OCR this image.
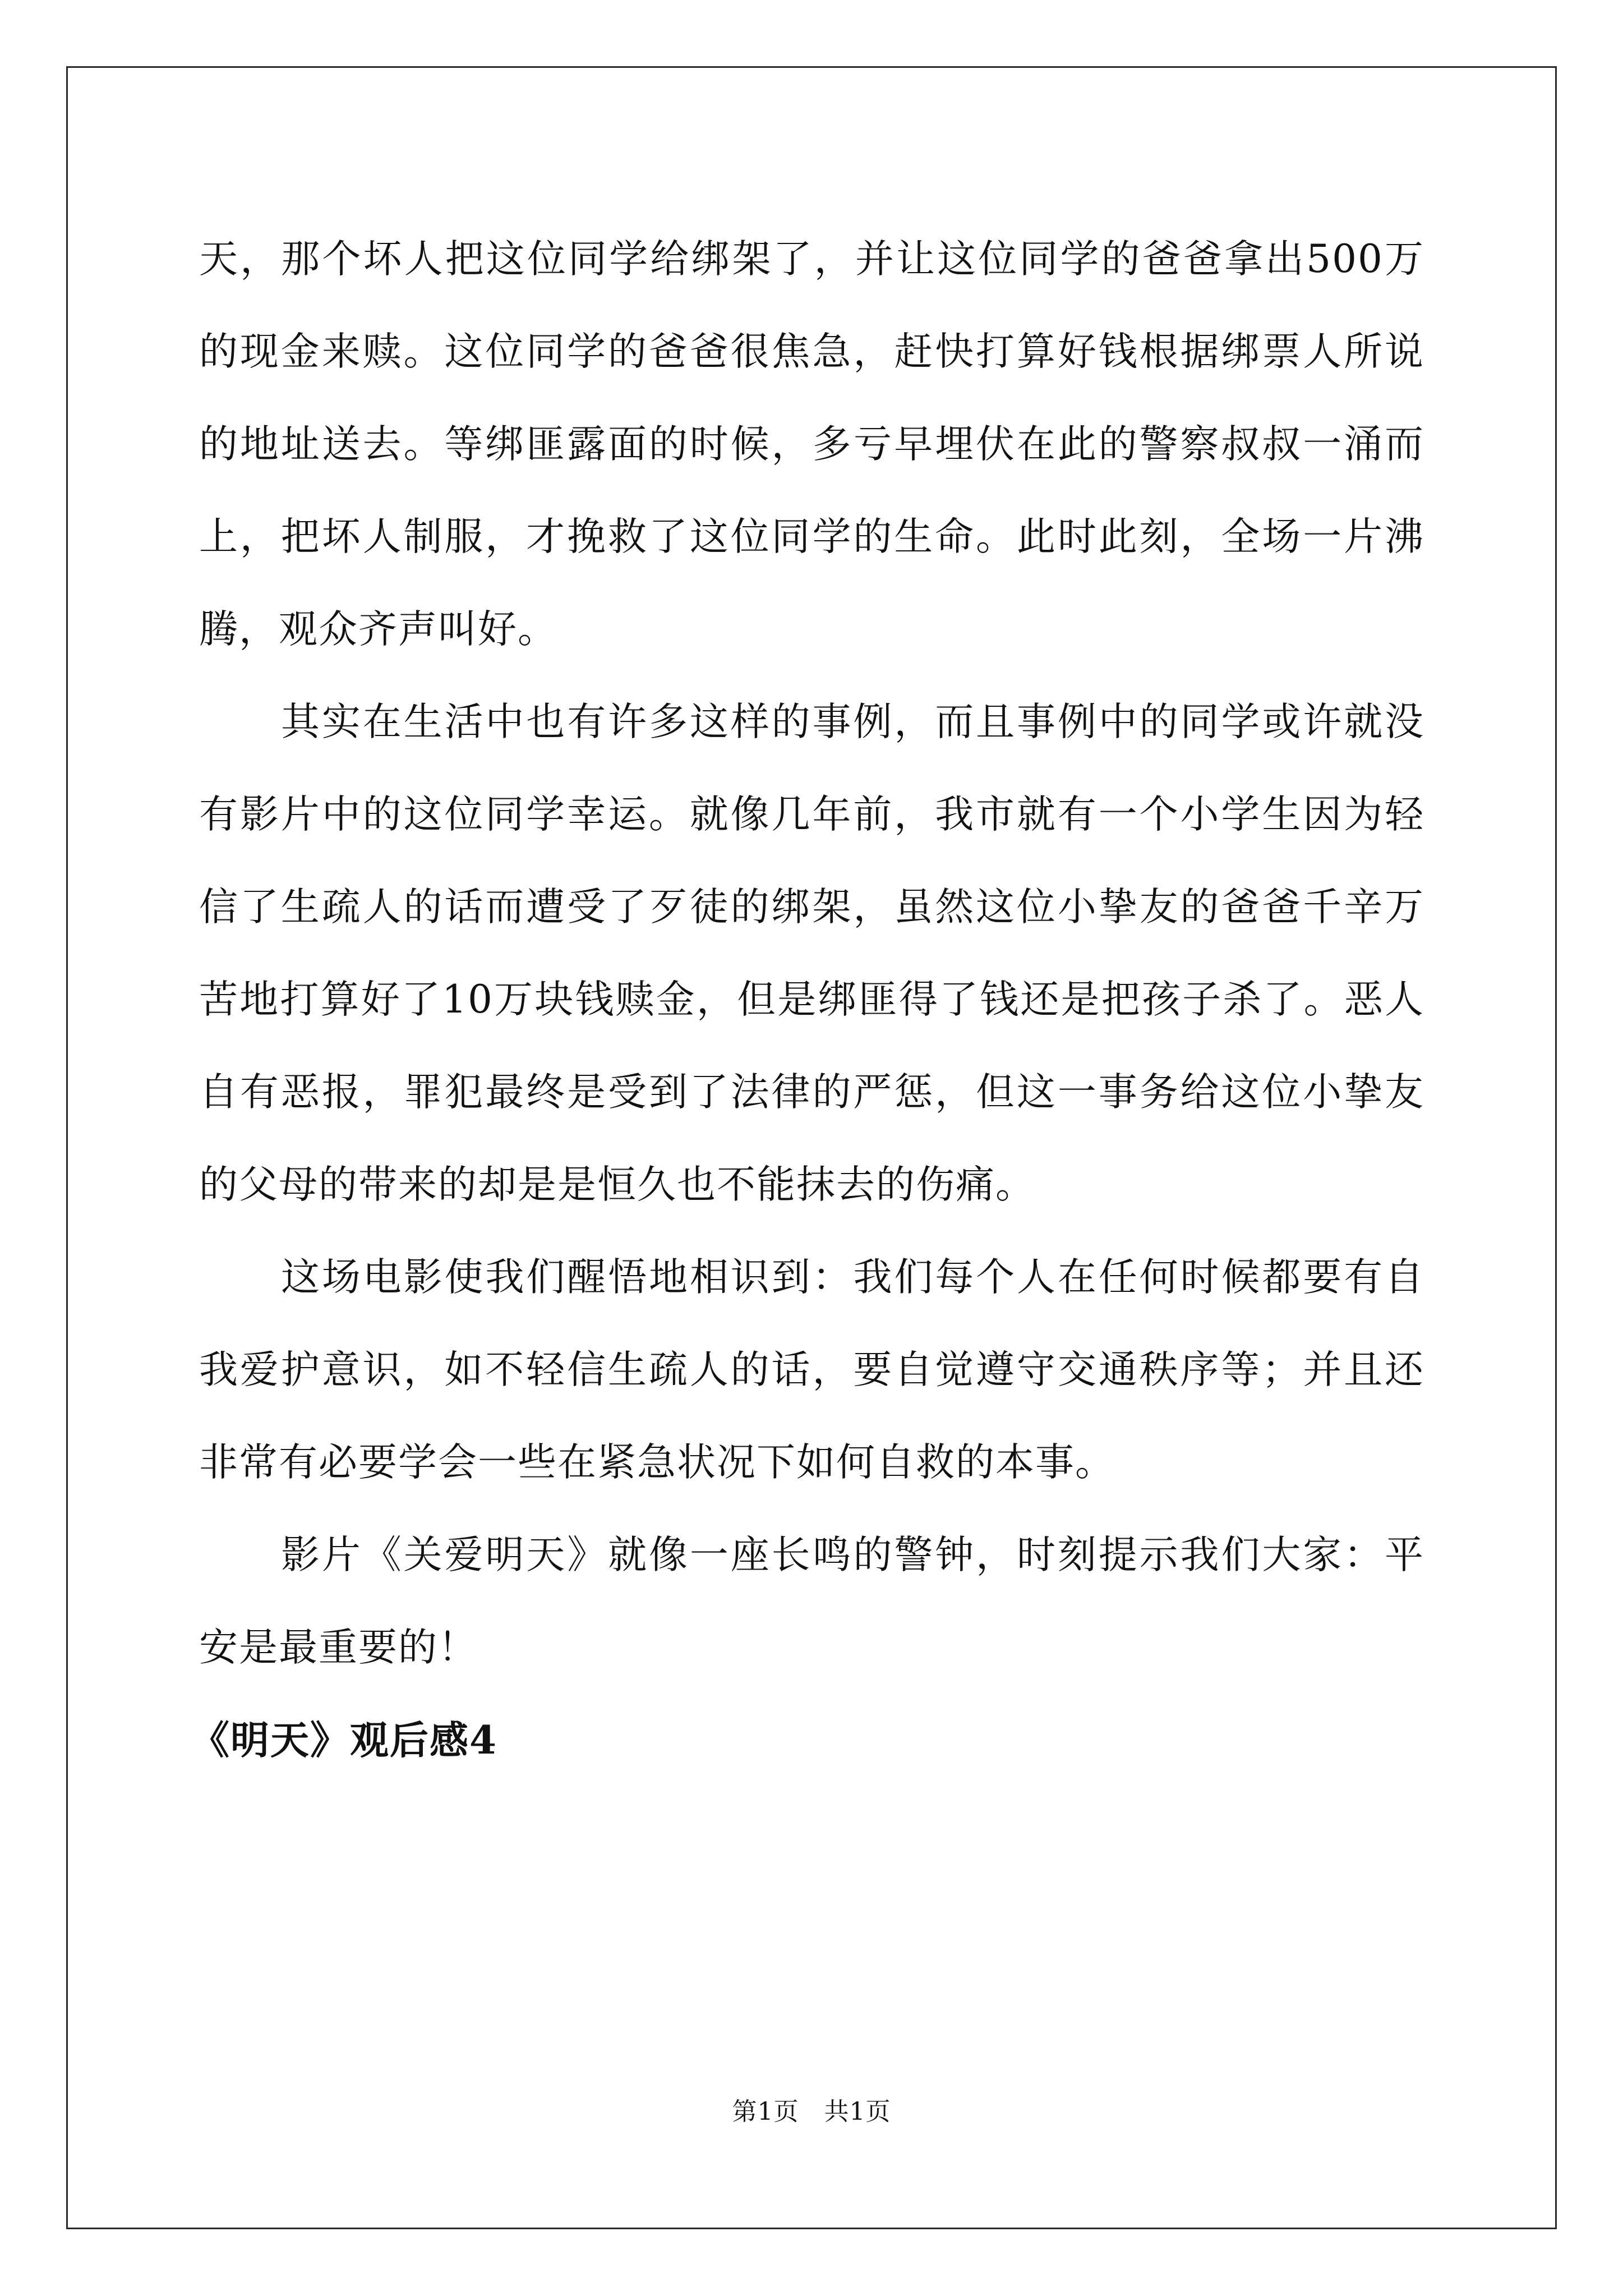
天，那个坏人把这位同学给绑架了，并让这位同学的爸爸拿出500万的现金来赎。这位同学的爸爸很焦急，赶快打算好钱根据绑票人所说的地址送去。等绑匪露面的时候，多亏早埋伏在此的警察叔叔一涌而上，把坏人制服，才挽救了这位同学的生命。此时此刻，全场一片沸腾，观众齐声叫好。

其实在生活中也有许多这样的事例，而且事例中的同学或许就没有影片中的这位同学幸运。就像几年前，我市就有一个小学生因为轻信了生疏人的话而遭受了歹徒的绑架，虽然这位小挚友的爸爸千辛万苦地打算好了10万块钱赎金，但是绑匪得了钱还是把孩子杀了。恶人自有恶报，罪犯最终是受到了法律的严惩，但这一事务给这位小挚友的父母的带来的却是是恒久也不能抹去的伤痛。

这场电影使我们醒悟地相识到：我们每个人在任何时候都要有自我爱护意识，如不轻信生疏人的话，要自觉遵守交通秩序等；并且还非常有必要学会一些在紧急状况下如何自救的本事。

影片《关爱明天》就像一座长鸣的警钟，时刻提示我们大家：平安是最重要的！

《明天》观后感4
第1页　共1页
